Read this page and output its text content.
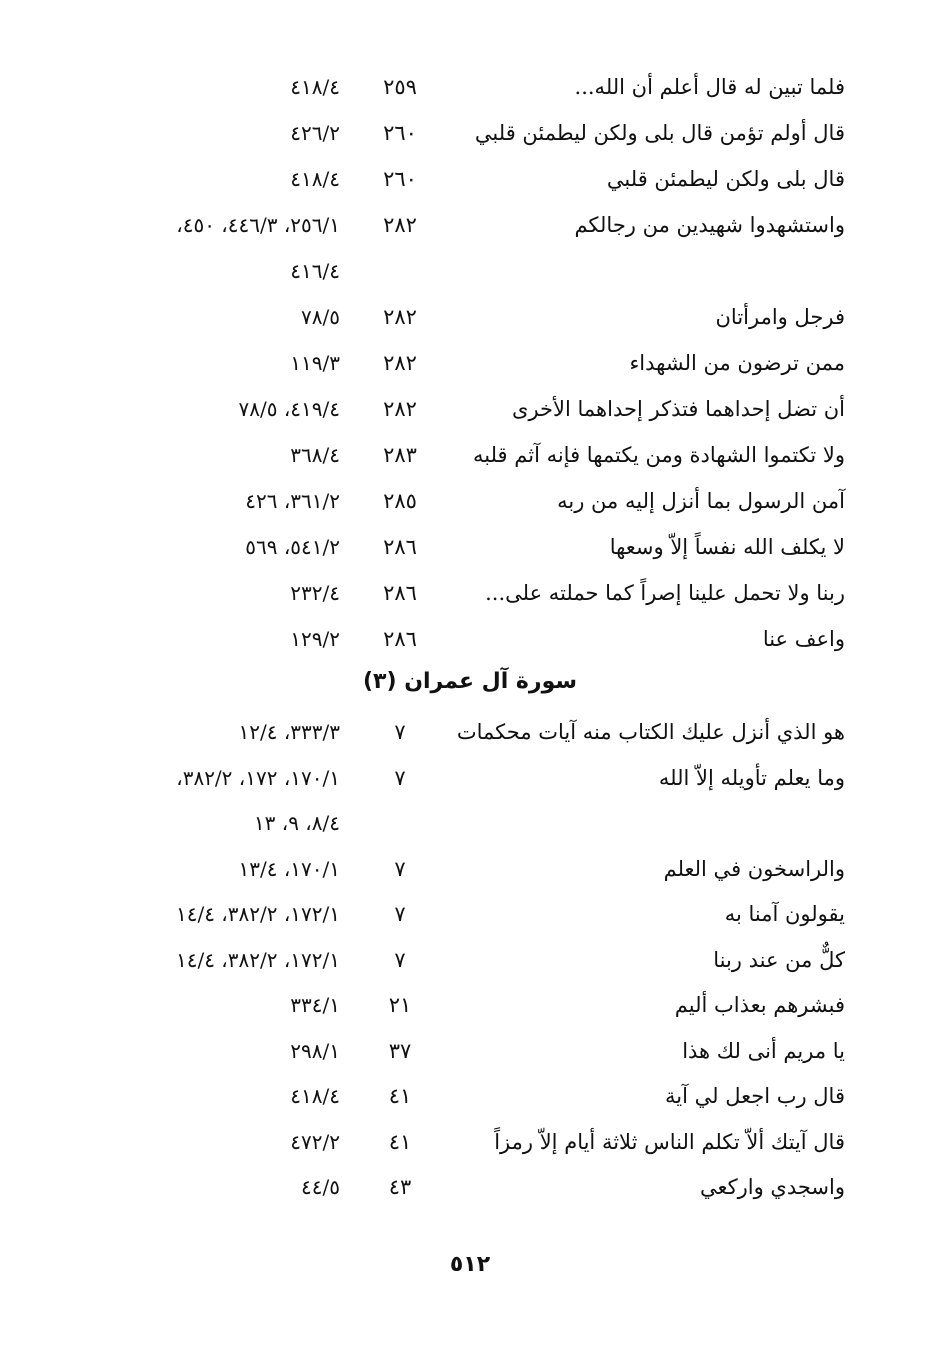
فلما تبين له قال أعلم أن الله...
٢٥٩
٤١٨/٤
قال أولم تؤمن قال بلى ولكن ليطمئن قلبي
٢٦٠
٤٢٦/٢
قال بلى ولكن ليطمئن قلبي
٢٦٠
٤١٨/٤
واستشهدوا شهيدين من رجالكم
٢٨٢
٢٥٦/١، ٤٤٦/٣، ٤٥٠،
٤١٦/٤
فرجل وامرأتان
٢٨٢
٧٨/٥
ممن ترضون من الشهداء
٢٨٢
١١٩/٣
أن تضل إحداهما فتذكر إحداهما الأخرى
٢٨٢
٤١٩/٤، ٧٨/٥
ولا تكتموا الشهادة ومن يكتمها فإنه آثم قلبه
٢٨٣
٣٦٨/٤
آمن الرسول بما أنزل إليه من ربه
٢٨٥
٣٦١/٢، ٤٢٦
لا يكلف الله نفساً إلاّ وسعها
٢٨٦
٥٤١/٢، ٥٦٩
ربنا ولا تحمل علينا إصراً كما حملته على...
٢٨٦
٢٣٢/٤
واعف عنا
٢٨٦
١٢٩/٢
هو الذي أنزل عليك الكتاب منه آيات محكمات
٧
٣٣٣/٣، ١٢/٤
وما يعلم تأويله إلاّ الله
٧
١٧٠/١، ١٧٢، ٣٨٢/٢،
٨/٤، ٩، ١٣
والراسخون في العلم
٧
١٧٠/١، ١٣/٤
يقولون آمنا به
٧
١٧٢/١، ٣٨٢/٢، ١٤/٤
كلٌّ من عند ربنا
٧
١٧٢/١، ٣٨٢/٢، ١٤/٤
فبشرهم بعذاب أليم
٢١
٣٣٤/١
يا مريم أنى لك هذا
٣٧
٢٩٨/١
قال رب اجعل لي آية
٤١
٤١٨/٤
قال آيتك ألاّ تكلم الناس ثلاثة أيام إلاّ رمزاً
٤١
٤٧٢/٢
واسجدي واركعي
٤٣
٤٤/٥
سورة آل عمران (٣)
٥١٢
